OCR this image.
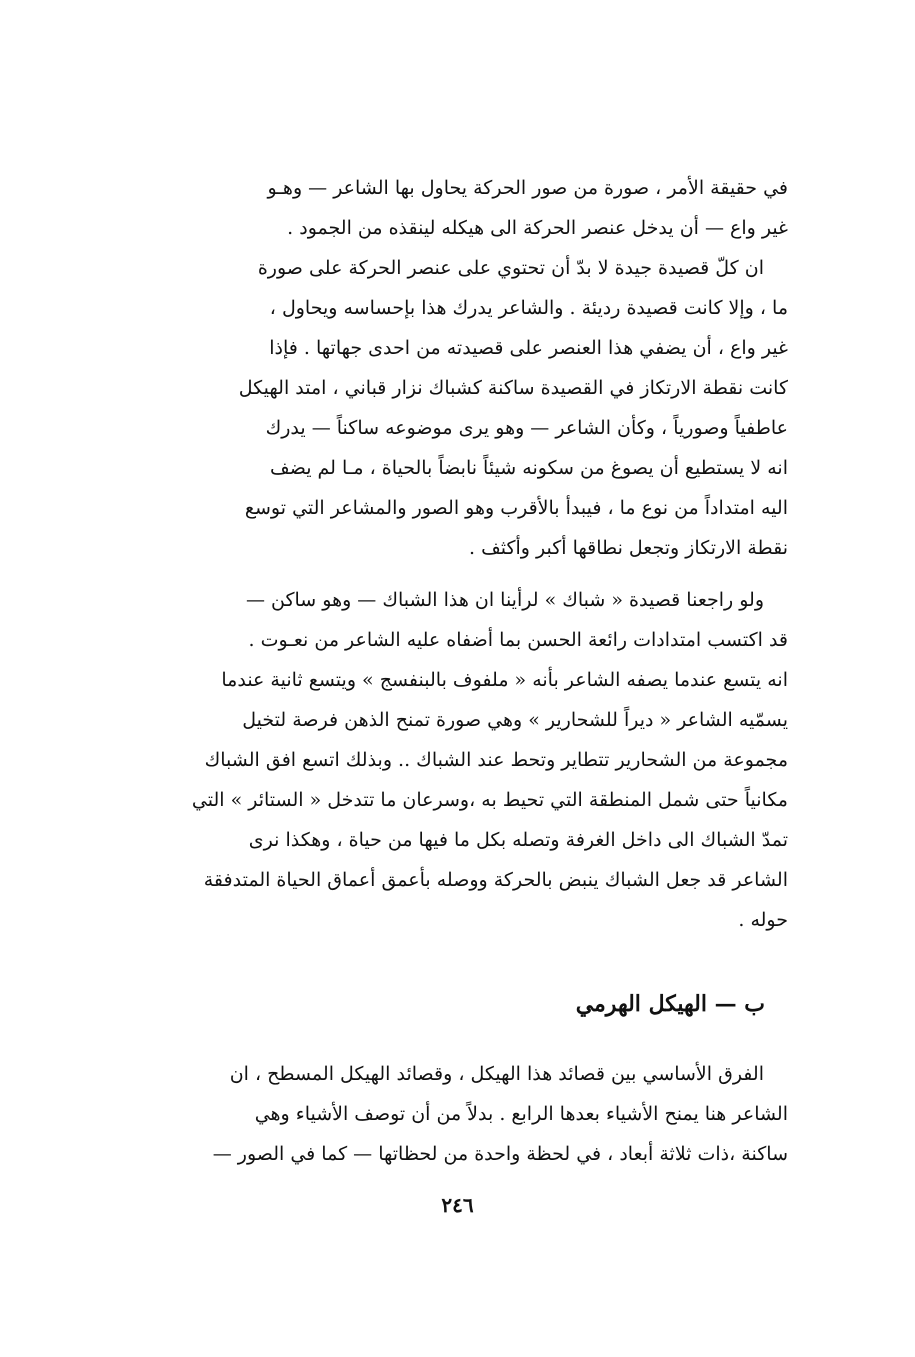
في حقيقة الأمر ، صورة من صور الحركة يحاول بها الشاعر — وهـو
غير واع — أن يدخل عنصر الحركة الى هيكله لينقذه من الجمود .
ان كلّ قصيدة جيدة لا بدّ أن تحتوي على عنصر الحركة على صورة
ما ، وإلا كانت قصيدة رديئة . والشاعر يدرك هذا بإحساسه ويحاول ،
غير واع ، أن يضفي هذا العنصر على قصيدته من احدى جهاتها . فإذا
كانت نقطة الارتكاز في القصيدة ساكنة كشباك نزار قباني ، امتد الهيكل
عاطفياً وصورياً ، وكأن الشاعر — وهو يرى موضوعه ساكناً — يدرك
انه لا يستطيع أن يصوغ من سكونه شيئاً نابضاً بالحياة ، مـا لم يضف
اليه امتداداً من نوع ما ، فيبدأ بالأقرب وهو الصور والمشاعر التي توسع
نقطة الارتكاز وتجعل نطاقها أكبر وأكثف .
ولو راجعنا قصيدة « شباك » لرأينا ان هذا الشباك — وهو ساكن —
قد اكتسب امتدادات رائعة الحسن بما أضفاه عليه الشاعر من نعـوت .
انه يتسع عندما يصفه الشاعر بأنه « ملفوف بالبنفسج » ويتسع ثانية عندما
يسمّيه الشاعر « ديراً للشحارير » وهي صورة تمنح الذهن فرصة لتخيل
مجموعة من الشحارير تتطاير وتحط عند الشباك .. وبذلك اتسع افق الشباك
مكانياً حتى شمل المنطقة التي تحيط به ،وسرعان ما تتدخل « الستائر » التي
تمدّ الشباك الى داخل الغرفة وتصله بكل ما فيها من حياة ، وهكذا نرى
الشاعر قد جعل الشباك ينبض بالحركة ووصله بأعمق أعماق الحياة المتدفقة
حوله .
ب — الهيكل الهرمي
الفرق الأساسي بين قصائد هذا الهيكل ، وقصائد الهيكل المسطح ، ان
الشاعر هنا يمنح الأشياء بعدها الرابع . بدلاً من أن توصف الأشياء وهي
ساكنة ،ذات ثلاثة أبعاد ، في لحظة واحدة من لحظاتها — كما في الصور —
٢٤٦
